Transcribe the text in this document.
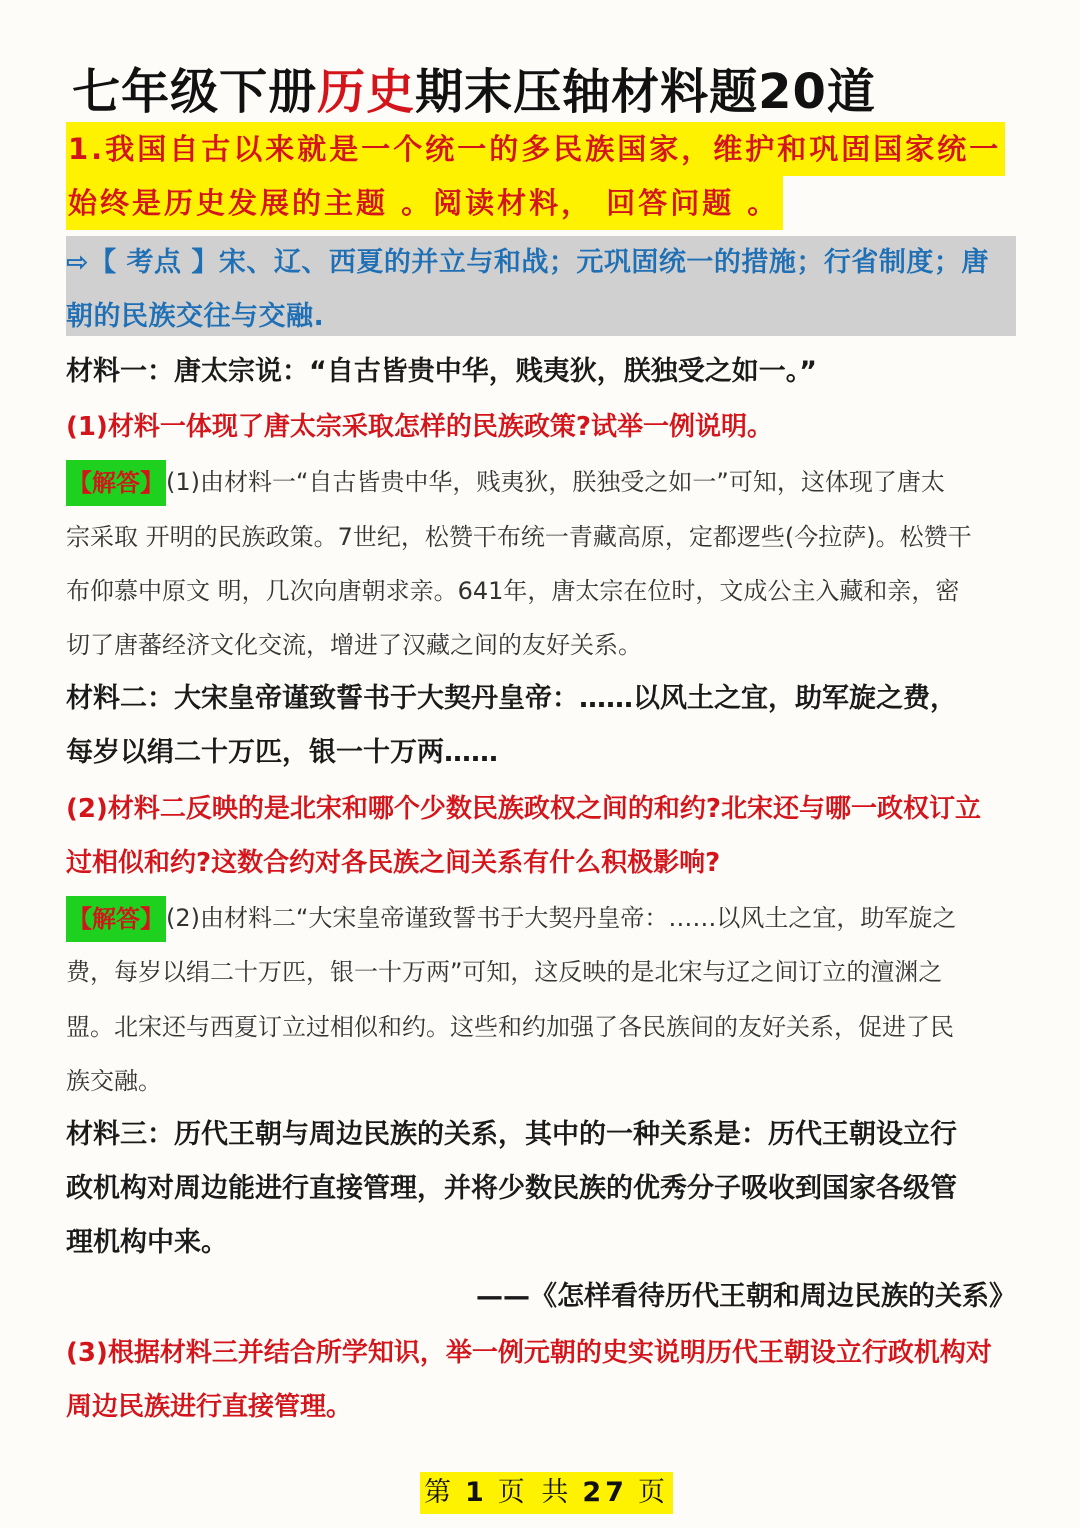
七年级下册历史期末压轴材料题20道
1.我国自古以来就是一个统一的多民族国家，维护和巩固国家统一
始终是历史发展的主题 。阅读材料， 回答问题 。
⇨【 考点 】宋、辽、西夏的并立与和战；元巩固统一的措施；行省制度；唐
朝的民族交往与交融.
材料一：唐太宗说：“自古皆贵中华，贱夷狄，朕独受之如一。”
(1)材料一体现了唐太宗采取怎样的民族政策?试举一例说明。
【解答】(1)由材料一“自古皆贵中华，贱夷狄，朕独受之如一”可知，这体现了唐太
宗采取 开明的民族政策。7世纪，松赞干布统一青藏高原，定都逻些(今拉萨)。松赞干
布仰慕中原文 明，几次向唐朝求亲。641年，唐太宗在位时，文成公主入藏和亲，密
切了唐蕃经济文化交流，增进了汉藏之间的友好关系。
材料二：大宋皇帝谨致誓书于大契丹皇帝：……以风土之宜，助军旋之费，
每岁以绢二十万匹，银一十万两……
(2)材料二反映的是北宋和哪个少数民族政权之间的和约?北宋还与哪一政权订立
过相似和约?这数合约对各民族之间关系有什么积极影响?
【解答】(2)由材料二“大宋皇帝谨致誓书于大契丹皇帝：……以风土之宜，助军旋之
费，每岁以绢二十万匹，银一十万两”可知，这反映的是北宋与辽之间订立的澶渊之
盟。北宋还与西夏订立过相似和约。这些和约加强了各民族间的友好关系，促进了民
族交融。
材料三：历代王朝与周边民族的关系，其中的一种关系是：历代王朝设立行
政机构对周边能进行直接管理，并将少数民族的优秀分子吸收到国家各级管
理机构中来。
——《怎样看待历代王朝和周边民族的关系》
(3)根据材料三并结合所学知识，举一例元朝的史实说明历代王朝设立行政机构对
周边民族进行直接管理。
第 1 页 共 27 页
